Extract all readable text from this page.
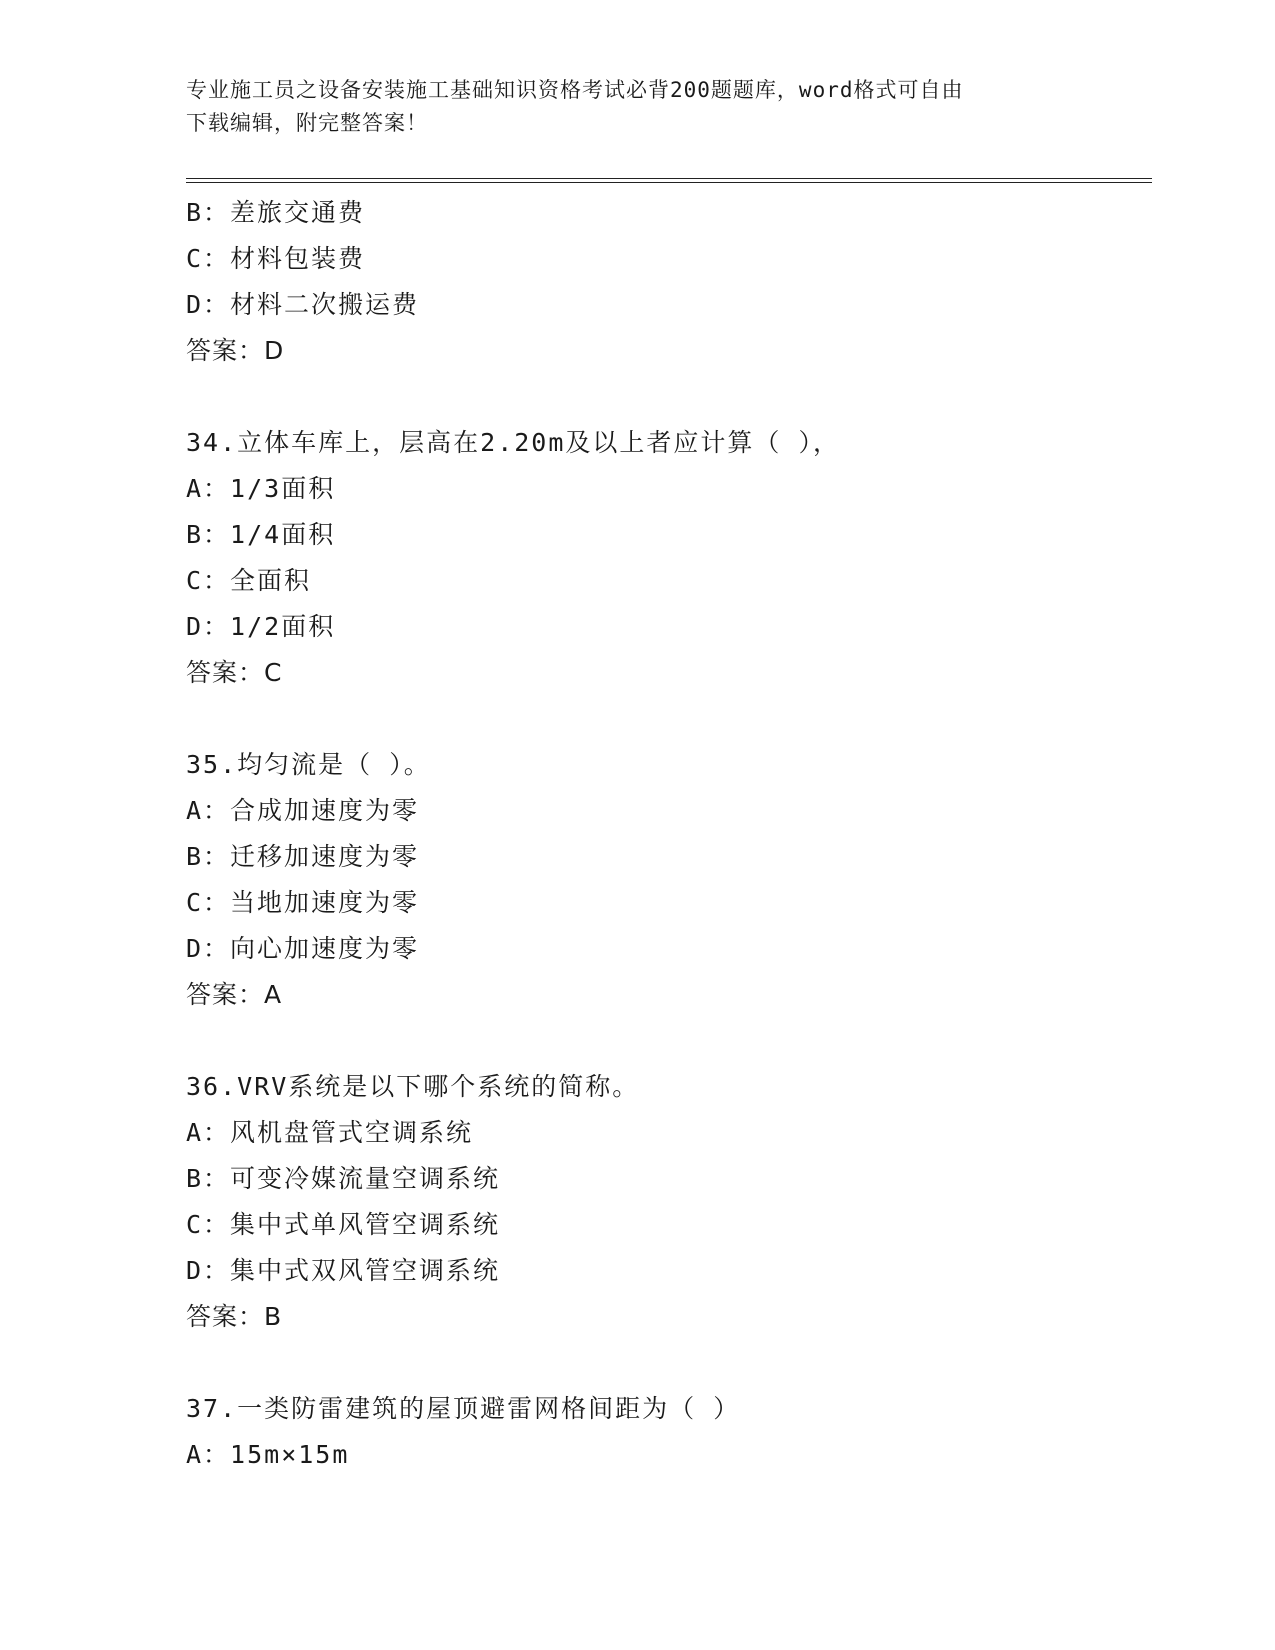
专业施工员之设备安装施工基础知识资格考试必背200题题库，word格式可自由
下载编辑，附完整答案！
B：差旅交通费
C：材料包装费
D：材料二次搬运费
答案：D
34.立体车库上，层高在2.20m及以上者应计算（ ），
A：1/3面积
B：1/4面积
C：全面积
D：1/2面积
答案：C
35.均匀流是（ ）。
A：合成加速度为零
B：迁移加速度为零
C：当地加速度为零
D：向心加速度为零
答案：A
36.VRV系统是以下哪个系统的简称。
A：风机盘管式空调系统
B：可变冷媒流量空调系统
C：集中式单风管空调系统
D：集中式双风管空调系统
答案：B
37.一类防雷建筑的屋顶避雷网格间距为（ ）
A：15m×15m
